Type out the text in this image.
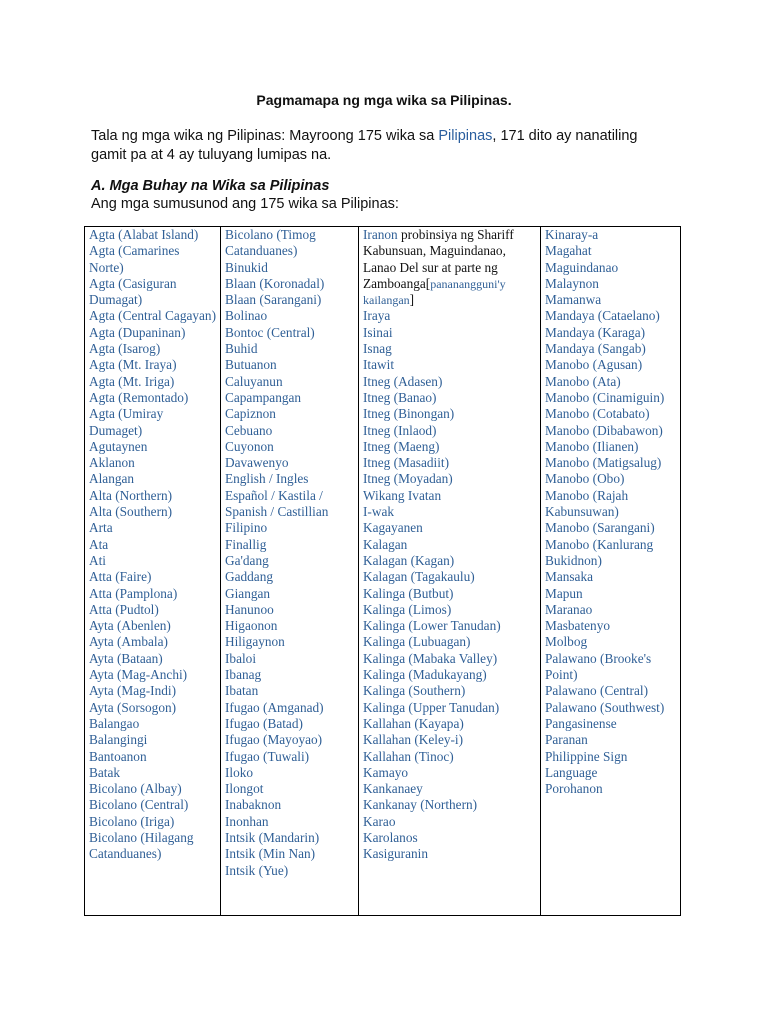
Pagmamapa ng mga wika sa Pilipinas.
Tala ng mga wika ng Pilipinas: Mayroong 175 wika sa Pilipinas, 171 dito ay nanatiling gamit pa at 4 ay tuluyang lumipas na.
A. Mga Buhay na Wika sa Pilipinas
Ang mga sumusunod ang 175 wika sa Pilipinas:
Agta (Alabat Island)
Agta (Camarines Norte)
Agta (Casiguran Dumagat)
Agta (Central Cagayan)
Agta (Dupaninan)
Agta (Isarog)
Agta (Mt. Iraya)
Agta (Mt. Iriga)
Agta (Remontado)
Agta (Umiray Dumaget)
Agutaynen
Aklanon
Alangan
Alta (Northern)
Alta (Southern)
Arta
Ata
Ati
Atta (Faire)
Atta (Pamplona)
Atta (Pudtol)
Ayta (Abenlen)
Ayta (Ambala)
Ayta (Bataan)
Ayta (Mag-Anchi)
Ayta (Mag-Indi)
Ayta (Sorsogon)
Balangao
Balangingi
Bantoanon
Batak
Bicolano (Albay)
Bicolano (Central)
Bicolano (Iriga)
Bicolano (Hilagang Catanduanes)

Bicolano (Timog Catanduanes)
Binukid
Blaan (Koronadal)
Blaan (Sarangani)
Bolinao
Bontoc (Central)
Buhid
Butuanon
Caluyanun
Capampangan
Capiznon
Cebuano
Cuyonon
Davawenyo
English / Ingles
Español / Kastila / Spanish / Castillian
Filipino
Finallig
Ga'dang
Gaddang
Giangan
Hanunoo
Higaonon
Hiligaynon
Ibaloi
Ibanag
Ibatan
Ifugao (Amganad)
Ifugao (Batad)
Ifugao (Mayoyao)
Ifugao (Tuwali)
Iloko
Ilongot
Inabaknon
Inonhan
Intsik (Mandarin)
Intsik (Min Nan)
Intsik (Yue)

Iranon probinsiya ng Shariff Kabunsuan, Maguindanao, Lanao Del sur at parte ng Zamboanga[pananangguni'y kailangan]
Iraya
Isinai
Isnag
Itawit
Itneg (Adasen)
Itneg (Banao)
Itneg (Binongan)
Itneg (Inlaod)
Itneg (Maeng)
Itneg (Masadiit)
Itneg (Moyadan)
Wikang Ivatan
I-wak
Kagayanen
Kalagan
Kalagan (Kagan)
Kalagan (Tagakaulu)
Kalinga (Butbut)
Kalinga (Limos)
Kalinga (Lower Tanudan)
Kalinga (Lubuagan)
Kalinga (Mabaka Valley)
Kalinga (Madukayang)
Kalinga (Southern)
Kalinga (Upper Tanudan)
Kallahan (Kayapa)
Kallahan (Keley-i)
Kallahan (Tinoc)
Kamayo
Kankanaey
Kankanay (Northern)
Karao
Karolanos
Kasiguranin

Kinaray-a
Magahat
Maguindanao
Malaynon
Mamanwa
Mandaya (Cataelano)
Mandaya (Karaga)
Mandaya (Sangab)
Manobo (Agusan)
Manobo (Ata)
Manobo (Cinamiguin)
Manobo (Cotabato)
Manobo (Dibabawon)
Manobo (Ilianen)
Manobo (Matigsalug)
Manobo (Obo)
Manobo (Rajah Kabunsuwan)
Manobo (Sarangani)
Manobo (Kanlurang Bukidnon)
Mansaka
Mapun
Maranao
Masbatenyo
Molbog
Palawano (Brooke's Point)
Palawano (Central)
Palawano (Southwest)
Pangasinense
Paranan
Philippine Sign Language
Porohanon
